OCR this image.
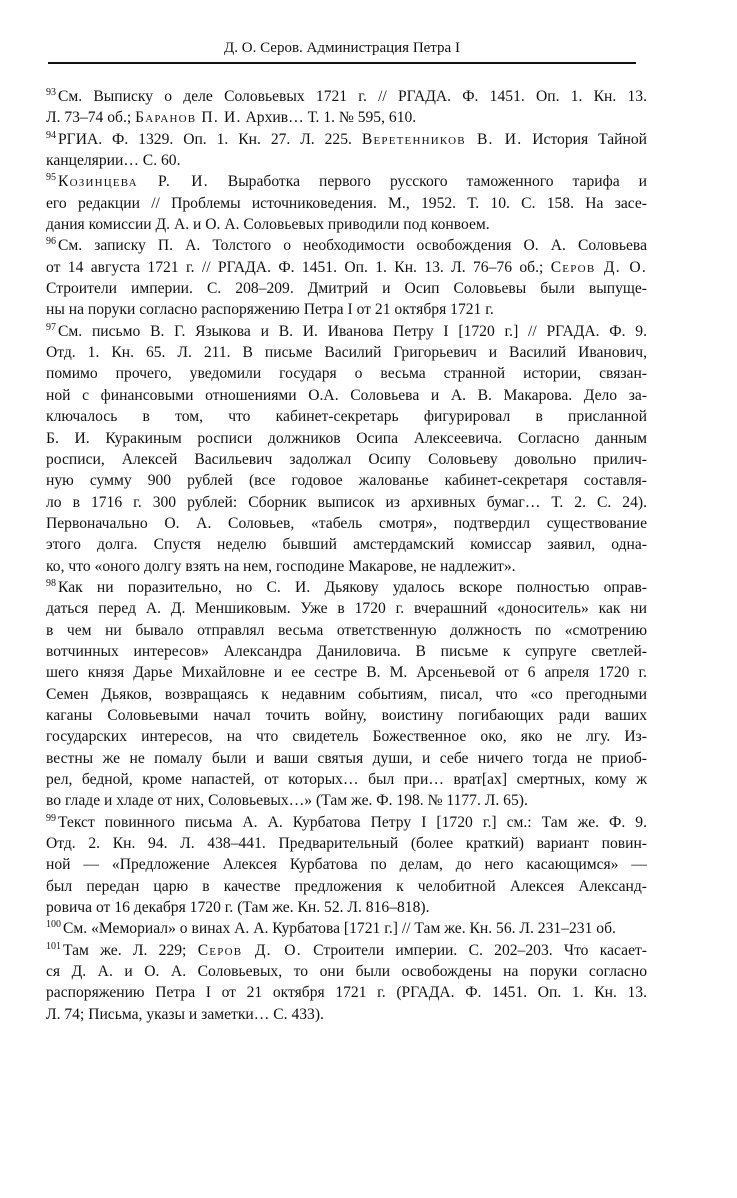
Д. О. Серов. Администрация Петра I
$^{93}$ См. Выписку о деле Соловьевых 1721 г. // РГАДА. Ф. 1451. Оп. 1. Кн. 13.
Л. 73–74 об.; Баранов П. И. Архив… Т. 1. № 595, 610.
$^{94}$ РГИА. Ф. 1329. Оп. 1. Кн. 27. Л. 225. Веретенников В. И. История Тайной
канцелярии… С. 60.
$^{95}$ Козинцева Р. И. Выработка первого русского таможенного тарифа и
его редакции // Проблемы источниковедения. М., 1952. Т. 10. С. 158. На засе-
дания комиссии Д. А. и О. А. Соловьевых приводили под конвоем.
$^{96}$ См. записку П. А. Толстого о необходимости освобождения О. А. Соловьева
от 14 августа 1721 г. // РГАДА. Ф. 1451. Оп. 1. Кн. 13. Л. 76–76 об.; Серов Д. О.
Строители империи. С. 208–209. Дмитрий и Осип Соловьевы были выпуще-
ны на поруки согласно распоряжению Петра I от 21 октября 1721 г.
$^{97}$ См. письмо В. Г. Языкова и В. И. Иванова Петру I [1720 г.] // РГАДА. Ф. 9.
Отд. 1. Кн. 65. Л. 211. В письме Василий Григорьевич и Василий Иванович,
помимо прочего, уведомили государя о весьма странной истории, связан-
ной с финансовыми отношениями О.А. Соловьева и А. В. Макарова. Дело за-
ключалось в том, что кабинет-секретарь фигурировал в присланной
Б. И. Куракиным росписи должников Осипа Алексеевича. Согласно данным
росписи, Алексей Васильевич задолжал Осипу Соловьеву довольно прилич-
ную сумму 900 рублей (все годовое жалованье кабинет-секретаря составля-
ло в 1716 г. 300 рублей: Сборник выписок из архивных бумаг… Т. 2. С. 24).
Первоначально О. А. Соловьев, «табель смотря», подтвердил существование
этого долга. Спустя неделю бывший амстердамский комиссар заявил, одна-
ко, что «оного долгу взять на нем, господине Макарове, не надлежит».
$^{98}$ Как ни поразительно, но С. И. Дьякову удалось вскоре полностью оправ-
даться перед А. Д. Меншиковым. Уже в 1720 г. вчерашний «доноситель» как ни
в чем ни бывало отправлял весьма ответственную должность по «смотрению
вотчинных интересов» Александра Даниловича. В письме к супруге светлей-
шего князя Дарье Михайловне и ее сестре В. М. Арсеньевой от 6 апреля 1720 г.
Семен Дьяков, возвращаясь к недавним событиям, писал, что «со прегодными
каганы Соловьевыми начал точить войну, воистину погибающих ради ваших
государских интересов, на что свидетель Божественное око, яко не лгу. Из-
вестны же не помалу были и ваши святыя души, и себе ничего тогда не приоб-
рел, бедной, кроме напастей, от которых… был при… врат[ах] смертных, кому ж
во гладе и хладе от них, Соловьевых…» (Там же. Ф. 198. № 1177. Л. 65).
$^{99}$ Текст повинного письма А. А. Курбатова Петру I [1720 г.] см.: Там же. Ф. 9.
Отд. 2. Кн. 94. Л. 438–441. Предварительный (более краткий) вариант повин-
ной — «Предложение Алексея Курбатова по делам, до него касающимся» —
был передан царю в качестве предложения к челобитной Алексея Александ-
ровича от 16 декабря 1720 г. (Там же. Кн. 52. Л. 816–818).
$^{100}$ См. «Мемориал» о винах А. А. Курбатова [1721 г.] // Там же. Кн. 56. Л. 231–231 об.
$^{101}$ Там же. Л. 229; Серов Д. О. Строители империи. С. 202–203. Что касает-
ся Д. А. и О. А. Соловьевых, то они были освобождены на поруки согласно
распоряжению Петра I от 21 октября 1721 г. (РГАДА. Ф. 1451. Оп. 1. Кн. 13.
Л. 74; Письма, указы и заметки… С. 433).
